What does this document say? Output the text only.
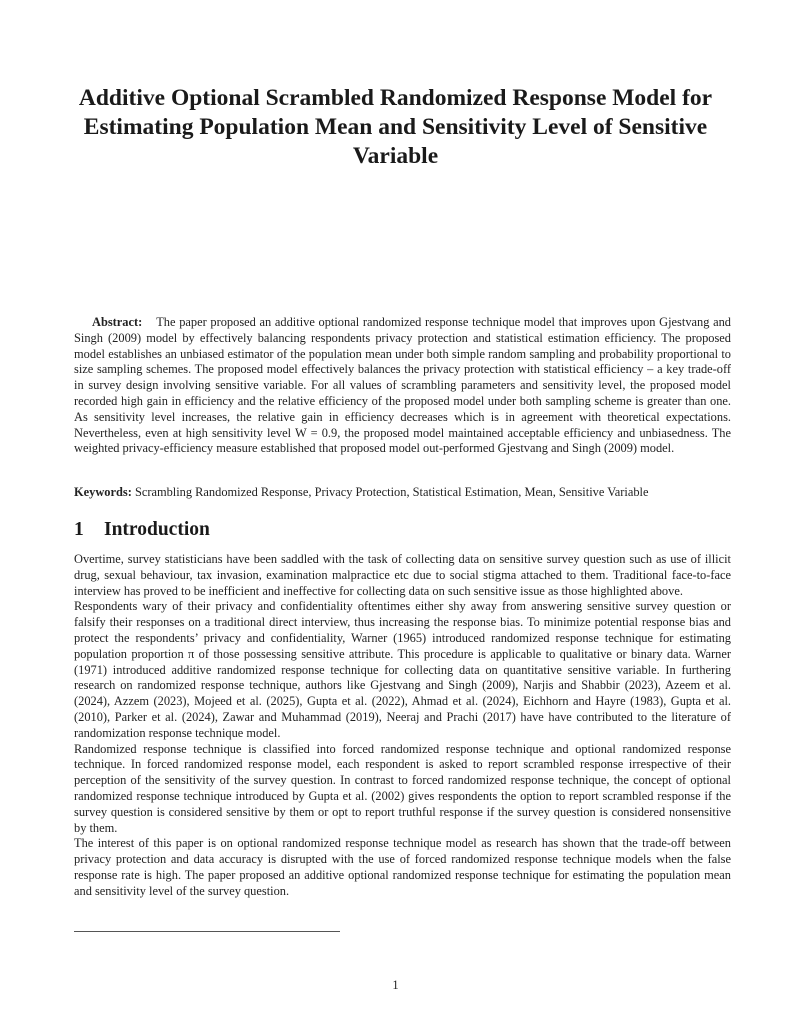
Additive Optional Scrambled Randomized Response Model for Estimating Population Mean and Sensitivity Level of Sensitive Variable
Abstract: The paper proposed an additive optional randomized response technique model that improves upon Gjestvang and Singh (2009) model by effectively balancing respondents privacy protection and statistical estimation efficiency. The proposed model establishes an unbiased estimator of the population mean under both simple random sampling and probability proportional to size sampling schemes. The proposed model effectively balances the privacy protection with statistical efficiency – a key trade-off in survey design involving sensitive variable. For all values of scrambling parameters and sensitivity level, the proposed model recorded high gain in efficiency and the relative efficiency of the proposed model under both sampling scheme is greater than one. As sensitivity level increases, the relative gain in efficiency decreases which is in agreement with theoretical expectations. Nevertheless, even at high sensitivity level W = 0.9, the proposed model maintained acceptable efficiency and unbiasedness. The weighted privacy-efficiency measure established that proposed model out-performed Gjestvang and Singh (2009) model.
Keywords: Scrambling Randomized Response, Privacy Protection, Statistical Estimation, Mean, Sensitive Variable
1 Introduction

Overtime, survey statisticians have been saddled with the task of collecting data on sensitive survey question such as use of illicit drug, sexual behaviour, tax invasion, examination malpractice etc due to social stigma attached to them. Traditional face-to-face interview has proved to be inefficient and ineffective for collecting data on such sensitive issue as those highlighted above.

Respondents wary of their privacy and confidentiality oftentimes either shy away from answering sensitive survey question or falsify their responses on a traditional direct interview, thus increasing the response bias. To minimize potential response bias and protect the respondents’ privacy and confidentiality, Warner (1965) introduced randomized response technique for estimating population proportion π of those possessing sensitive attribute. This procedure is applicable to qualitative or binary data. Warner (1971) introduced additive randomized response technique for collecting data on quantitative sensitive variable. In furthering research on randomized response technique, authors like Gjestvang and Singh (2009), Narjis and Shabbir (2023), Azeem et al. (2024), Azzem (2023), Mojeed et al. (2025), Gupta et al. (2022), Ahmad et al. (2024), Eichhorn and Hayre (1983), Gupta et al. (2010), Parker et al. (2024), Zawar and Muhammad (2019), Neeraj and Prachi (2017) have have contributed to the literature of randomization response technique model.

Randomized response technique is classified into forced randomized response technique and optional randomized response technique. In forced randomized response model, each respondent is asked to report scrambled response irrespective of their perception of the sensitivity of the survey question. In contrast to forced randomized response technique, the concept of optional randomized response technique introduced by Gupta et al. (2002) gives respondents the option to report scrambled response if the survey question is considered sensitive by them or opt to report truthful response if the survey question is considered nonsensitive by them.

The interest of this paper is on optional randomized response technique model as research has shown that the trade-off between privacy protection and data accuracy is disrupted with the use of forced randomized response technique models when the false response rate is high. The paper proposed an additive optional randomized response technique for estimating the population mean and sensitivity level of the survey question.

1
